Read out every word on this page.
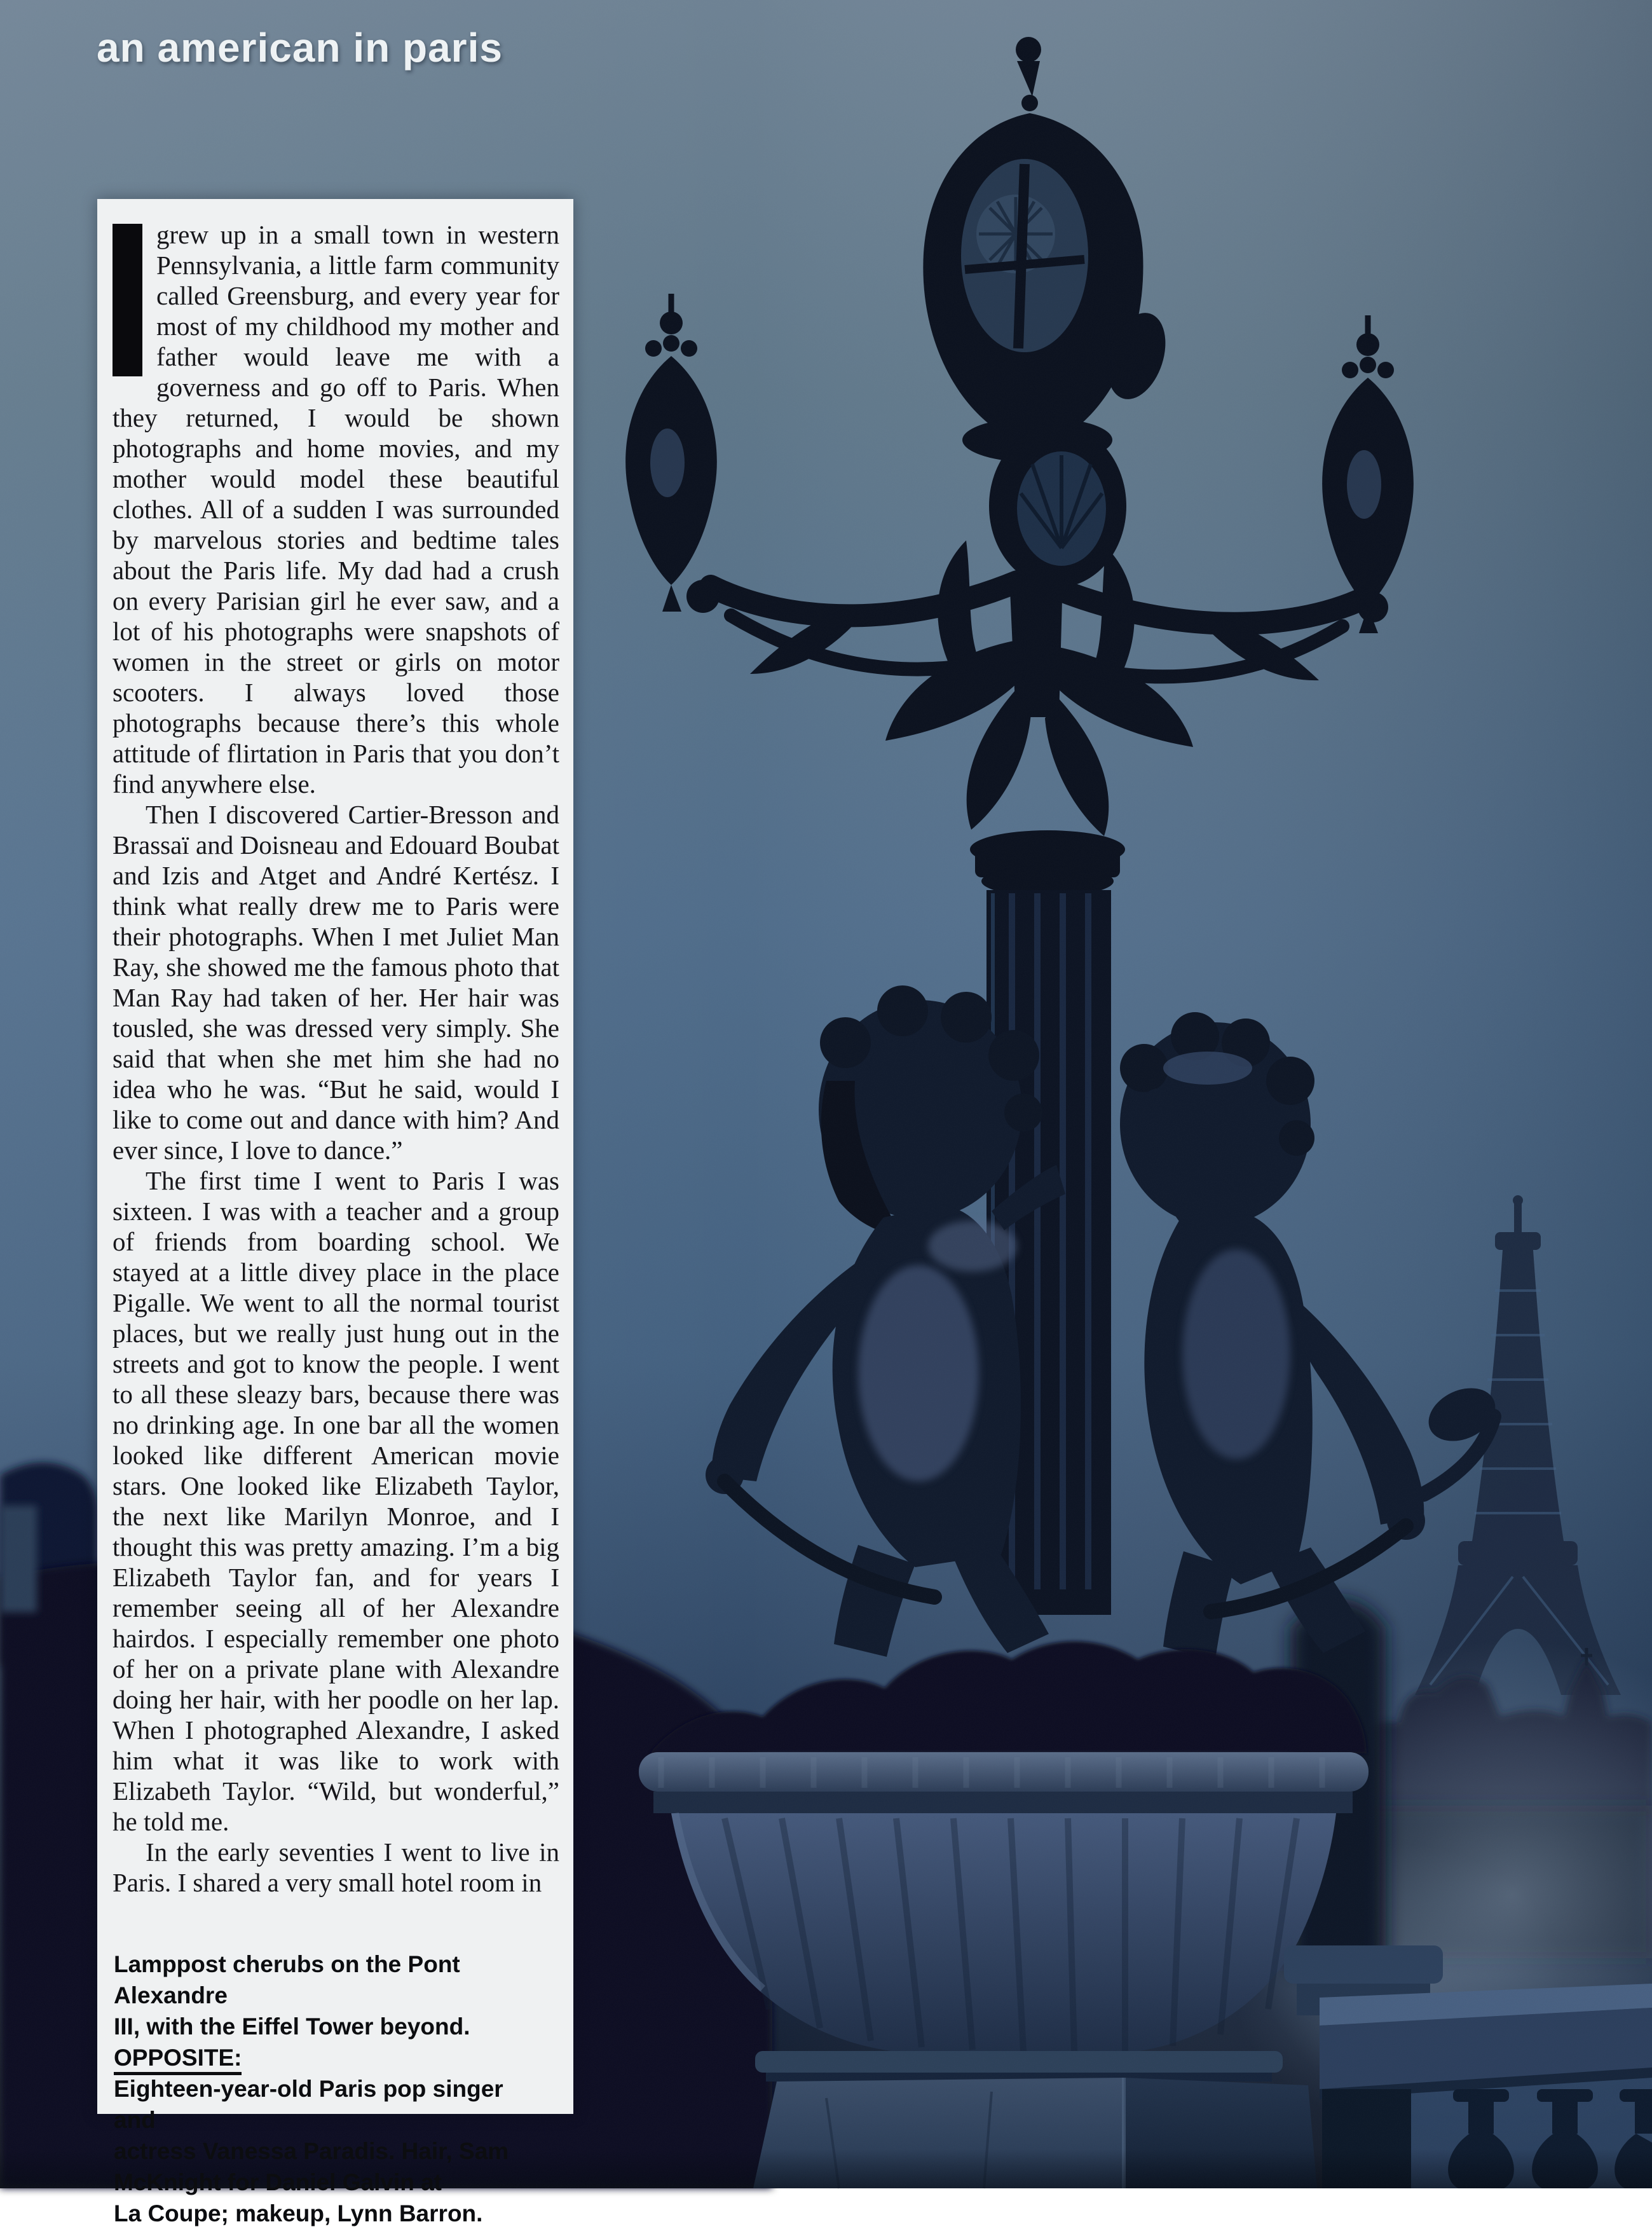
an american in paris

grew up in a small town in western Pennsylvania, a little farm community called Greensburg, and every year for most of my childhood my mother and father would leave me with a governess and go off to Paris. When they returned, I would be shown photographs and home movies, and my mother would model these beautiful clothes. All of a sudden I was surrounded by marvelous stories and bedtime tales about the Paris life. My dad had a crush on every Parisian girl he ever saw, and a lot of his photographs were snapshots of women in the street or girls on motor scooters. I always loved those photographs because there’s this whole attitude of flirtation in Paris that you don’t find anywhere else.

Then I discovered Cartier-Bresson and Brassaï and Doisneau and Edouard Boubat and Izis and Atget and André Kertész. I think what really drew me to Paris were their photographs. When I met Juliet Man Ray, she showed me the famous photo that Man Ray had taken of her. Her hair was tousled, she was dressed very simply. She said that when she met him she had no idea who he was. “But he said, would I like to come out and dance with him? And ever since, I love to dance.”

The first time I went to Paris I was sixteen. I was with a teacher and a group of friends from boarding school. We stayed at a little divey place in the place Pigalle. We went to all the normal tourist places, but we really just hung out in the streets and got to know the people. I went to all these sleazy bars, because there was no drinking age. In one bar all the women looked like different American movie stars. One looked like Elizabeth Taylor, the next like Marilyn Monroe, and I thought this was pretty amazing. I’m a big Elizabeth Taylor fan, and for years I remember seeing all of her Alexandre hairdos. I especially remember one photo of her on a private plane with Alexandre doing her hair, with her poodle on her lap. When I photographed Alexandre, I asked him what it was like to work with Elizabeth Taylor. “Wild, but wonderful,” he told me.

In the early seventies I went to live in Paris. I shared a very small hotel room in

Lamppost cherubs on the Pont Alexandre
III, with the Eiffel Tower beyond. OPPOSITE:
Eighteen-year-old Paris pop singer and
actress Vanessa Paradis. Hair, Sam
McKnight for Daniel Galvin at
La Coupe; makeup, Lynn Barron.
